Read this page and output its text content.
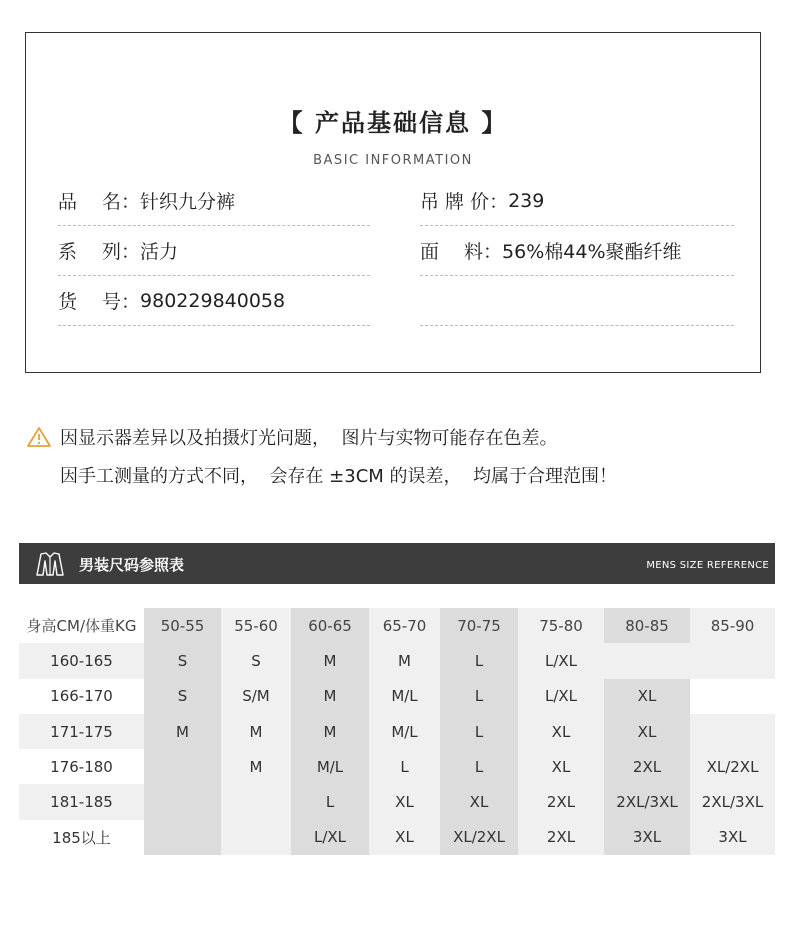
【 产品基础信息 】
BASIC INFORMATION
品　 名： 针织九分裤	吊 牌 价： 239
系　 列： 活力	面　 料： 56%棉44%聚酯纤维
货　 号： 980229840058
因显示器差异以及拍摄灯光问题，  图片与实物可能存在色差。
因手工测量的方式不同，  会存在 ±3CM 的误差，  均属于合理范围！
男装尺码参照表	MENS SIZE REFERENCE
身高CM/体重KG	50-55	55-60	60-65	65-70	70-75	75-80	80-85	85-90
160-165	S	S	M	M	L	L/XL		
166-170	S	S/M	M	M/L	L	L/XL	XL	
171-175	M	M	M	M/L	L	XL	XL	
176-180		M	M/L	L	L	XL	2XL	XL/2XL
181-185			L	XL	XL	2XL	2XL/3XL	2XL/3XL
185以上			L/XL	XL	XL/2XL	2XL	3XL	3XL
